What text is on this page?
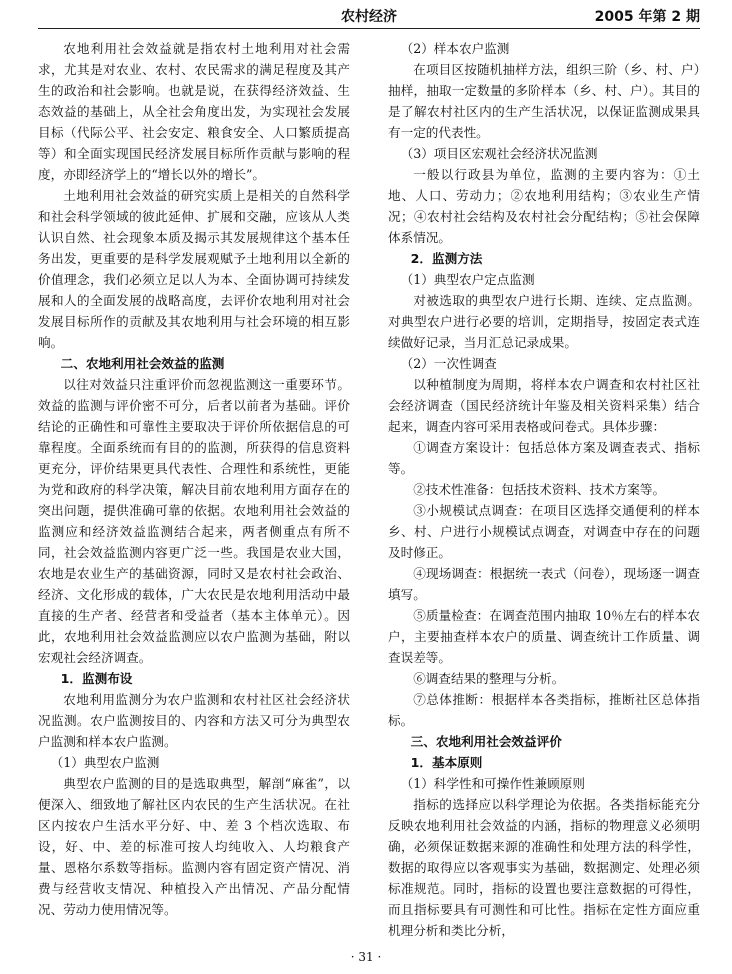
农村经济	2005 年第 2 期

农地利用社会效益就是指农村土地利用对社会需求，尤其是对农业、农村、农民需求的满足程度及其产生的政治和社会影响。也就是说，在获得经济效益、生态效益的基础上，从全社会角度出发，为实现社会发展目标（代际公平、社会安定、粮食安全、人口繁质提高等）和全面实现国民经济发展目标所作贡献与影响的程度，亦即经济学上的“增长以外的增长”。

土地利用社会效益的研究实质上是相关的自然科学和社会科学领域的彼此延伸、扩展和交融，应该从人类认识自然、社会现象本质及揭示其发展规律这个基本任务出发，更重要的是科学发展观赋予土地利用以全新的价值理念，我们必须立足以人为本、全面协调可持续发展和人的全面发展的战略高度，去评价农地利用对社会发展目标所作的贡献及其农地利用与社会环境的相互影响。

二、农地利用社会效益的监测

以往对效益只注重评价而忽视监测这一重要环节。效益的监测与评价密不可分，后者以前者为基础。评价结论的正确性和可靠性主要取决于评价所依据信息的可靠程度。全面系统而有目的的监测，所获得的信息资料更充分，评价结果更具代表性、合理性和系统性，更能为党和政府的科学决策，解决目前农地利用方面存在的突出问题，提供准确可靠的依据。农地利用社会效益的监测应和经济效益监测结合起来，两者侧重点有所不同，社会效益监测内容更广泛一些。我国是农业大国，农地是农业生产的基础资源，同时又是农村社会政治、经济、文化形成的载体，广大农民是农地利用活动中最直接的生产者、经营者和受益者（基本主体单元）。因此，农地利用社会效益监测应以农户监测为基础，附以宏观社会经济调查。

1．监测布设

农地利用监测分为农户监测和农村社区社会经济状况监测。农户监测按目的、内容和方法又可分为典型农户监测和样本农户监测。

（1）典型农户监测

典型农户监测的目的是选取典型，解剖“麻雀”，以便深入、细致地了解社区内农民的生产生活状况。在社区内按农户生活水平分好、中、差 3 个档次选取、布设，好、中、差的标准可按人均纯收入、人均粮食产量、恩格尔系数等指标。监测内容有固定资产情况、消费与经营收支情况、种植投入产出情况、产品分配情况、劳动力使用情况等。

（2）样本农户监测

在项目区按随机抽样方法，组织三阶（乡、村、户）抽样，抽取一定数量的多阶样本（乡、村、户）。其目的是了解农村社区内的生产生活状况，以保证监测成果具有一定的代表性。

（3）项目区宏观社会经济状况监测

一般以行政县为单位，监测的主要内容为：①土地、人口、劳动力；②农地利用结构；③农业生产情况；④农村社会结构及农村社会分配结构；⑤社会保障体系情况。

2．监测方法

（1）典型农户定点监测

对被选取的典型农户进行长期、连续、定点监测。对典型农户进行必要的培训，定期指导，按固定表式连续做好记录，当月汇总记录成果。

（2）一次性调查

以种植制度为周期，将样本农户调查和农村社区社会经济调查（国民经济统计年鉴及相关资料采集）结合起来，调查内容可采用表格或问卷式。具体步骤：

①调查方案设计：包括总体方案及调查表式、指标等。

②技术性准备：包括技术资料、技术方案等。

③小规模试点调查：在项目区选择交通便利的样本乡、村、户进行小规模试点调查，对调查中存在的问题及时修正。

④现场调查：根据统一表式（问卷），现场逐一调查填写。

⑤质量检查：在调查范围内抽取 10％左右的样本农户，主要抽查样本农户的质量、调查统计工作质量、调查误差等。

⑥调查结果的整理与分析。

⑦总体推断：根据样本各类指标，推断社区总体指标。

三、农地利用社会效益评价
1．基本原则

（1）科学性和可操作性兼顾原则

指标的选择应以科学理论为依据。各类指标能充分反映农地利用社会效益的内涵，指标的物理意义必须明确，必须保证数据来源的准确性和处理方法的科学性，数据的取得应以客观事实为基础，数据测定、处理必须标准规范。同时，指标的设置也要注意数据的可得性，而且指标要具有可测性和可比性。指标在定性方面应重机理分析和类比分析，

· 31 ·
